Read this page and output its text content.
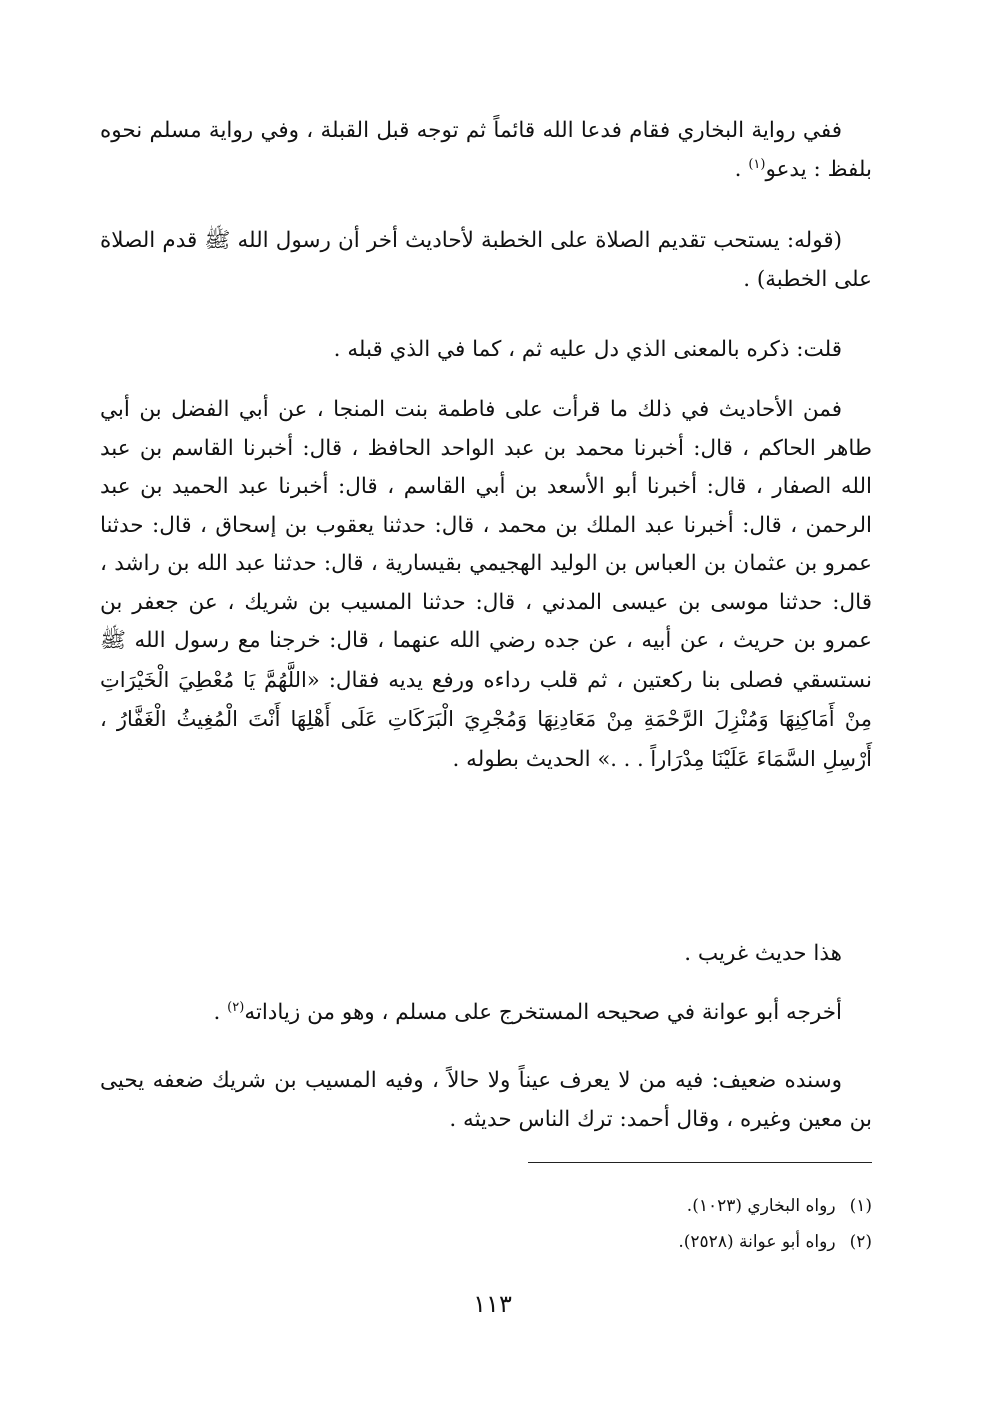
ففي رواية البخاري فقام فدعا الله قائماً ثم توجه قبل القبلة ، وفي رواية مسلم نحوه بلفظ : يدعو$^{(١)}$ .

(قوله: يستحب تقديم الصلاة على الخطبة لأحاديث أخر أن رسول الله ﷺ قدم الصلاة على الخطبة) .

قلت: ذكره بالمعنى الذي دل عليه ثم ، كما في الذي قبله .

فمن الأحاديث في ذلك ما قرأت على فاطمة بنت المنجا ، عن أبي الفضل بن أبي طاهر الحاكم ، قال: أخبرنا محمد بن عبد الواحد الحافظ ، قال: أخبرنا القاسم بن عبد الله الصفار ، قال: أخبرنا أبو الأسعد بن أبي القاسم ، قال: أخبرنا عبد الحميد بن عبد الرحمن ، قال: أخبرنا عبد الملك بن محمد ، قال: حدثنا يعقوب بن إسحاق ، قال: حدثنا عمرو بن عثمان بن العباس بن الوليد الهجيمي بقيسارية ، قال: حدثنا عبد الله بن راشد ، قال: حدثنا موسى بن عيسى المدني ، قال: حدثنا المسيب بن شريك ، عن جعفر بن عمرو بن حريث ، عن أبيه ، عن جده رضي الله عنهما ، قال: خرجنا مع رسول الله ﷺ نستسقي فصلى بنا ركعتين ، ثم قلب رداءه ورفع يديه فقال: «اللَّهُمَّ يَا مُعْطِيَ الْخَيْرَاتِ مِنْ أَمَاكِنِهَا وَمُنْزِلَ الرَّحْمَةِ مِنْ مَعَادِنِهَا وَمُجْرِيَ الْبَرَكَاتِ عَلَى أَهْلِهَا أَنْتَ الْمُغِيثُ الْغَفَّارُ ، أَرْسِلِ السَّمَاءَ عَلَيْنَا مِدْرَاراً . . .» الحديث بطوله .

هذا حديث غريب .

أخرجه أبو عوانة في صحيحه المستخرج على مسلم ، وهو من زياداته$^{(٢)}$ .

وسنده ضعيف: فيه من لا يعرف عيناً ولا حالاً ، وفيه المسيب بن شريك ضعفه يحيى بن معين وغيره ، وقال أحمد: ترك الناس حديثه .

(١)رواه البخاري (١٠٢٣).

(٢)رواه أبو عوانة (٢٥٢٨).

١١٣
